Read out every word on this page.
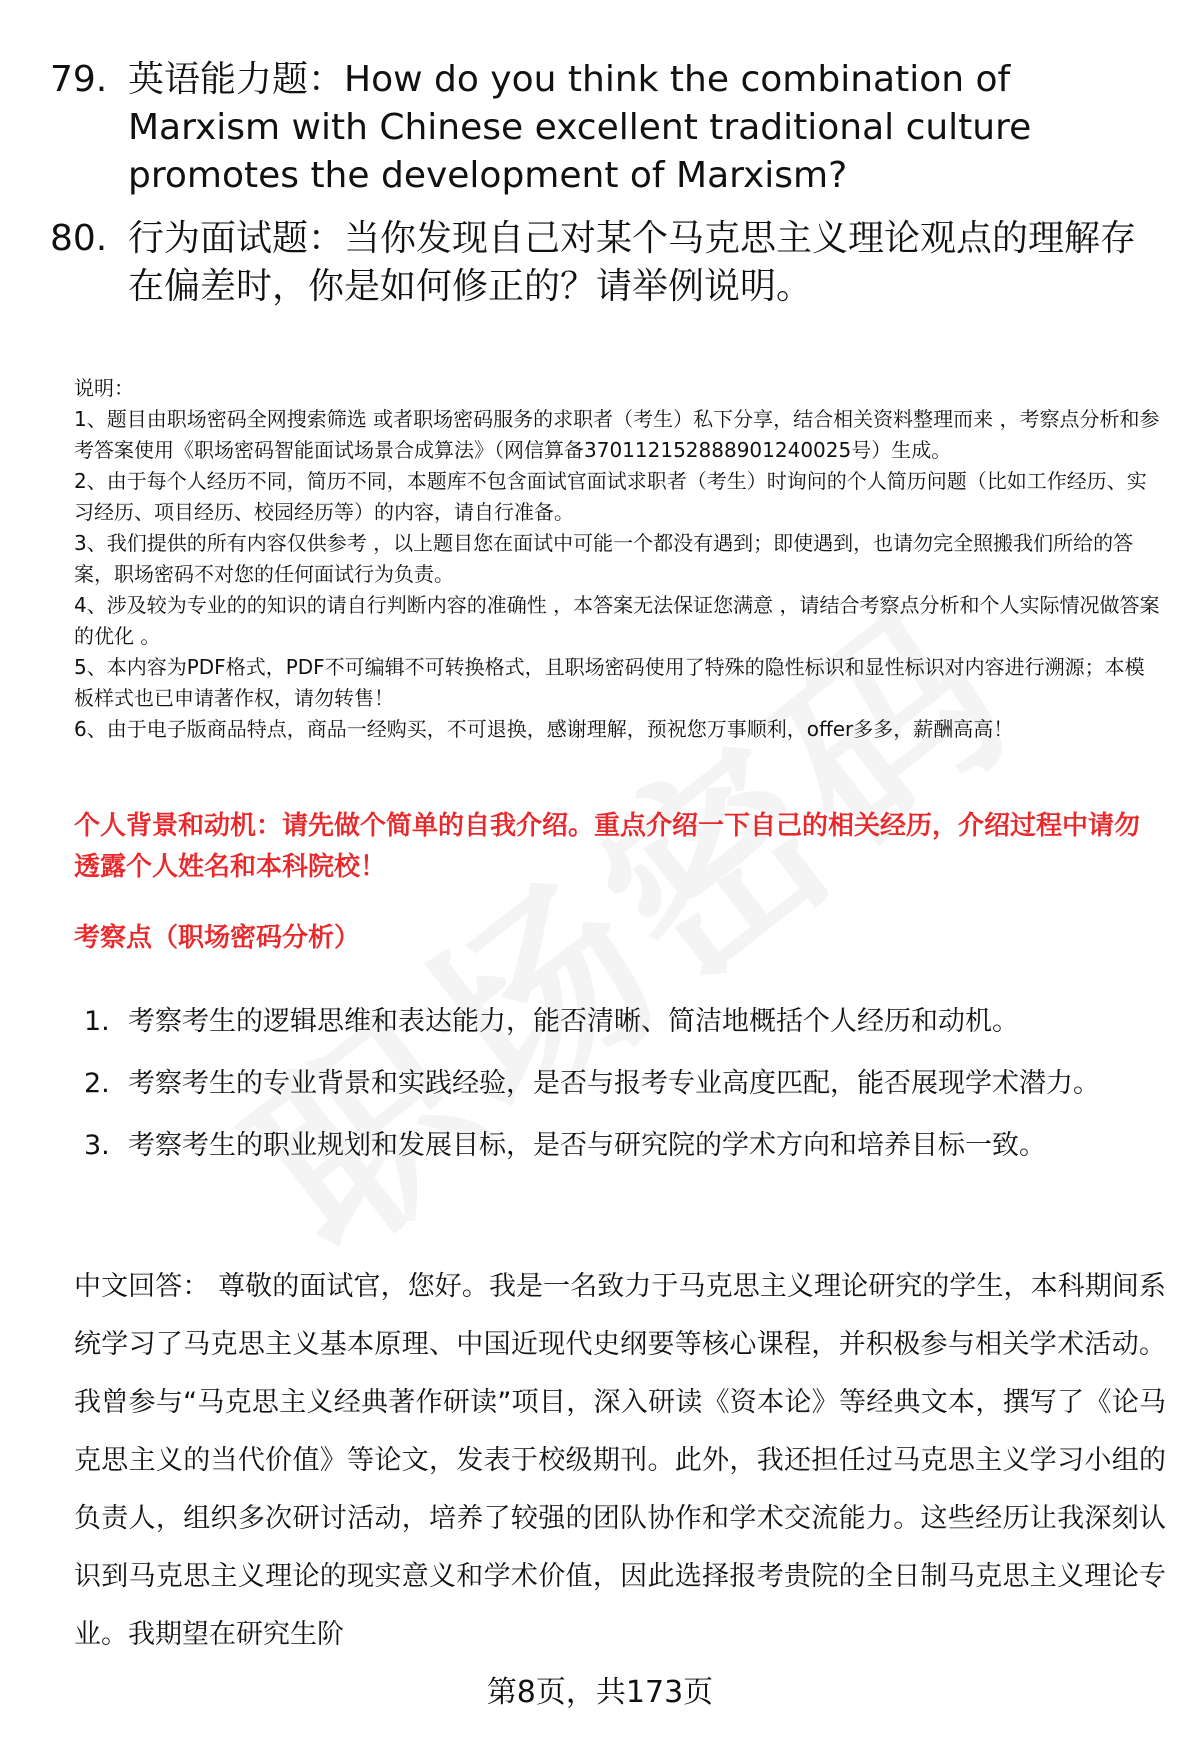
79. 英语能力题：How do you think the combination of Marxism with Chinese excellent traditional culture promotes the development of Marxism?
80. 行为面试题：当你发现自己对某个马克思主义理论观点的理解存在偏差时，你是如何修正的？请举例说明。

说明：

1、题目由职场密码全网搜索筛选 或者职场密码服务的求职者（考生）私下分享，结合相关资料整理而来 ，考察点分析和参考答案使用《职场密码智能面试场景合成算法》（网信算备370112152888901240025号）生成。

2、由于每个人经历不同，简历不同，本题库不包含面试官面试求职者（考生）时询问的个人简历问题（比如工作经历、实习经历、项目经历、校园经历等）的内容，请自行准备。

3、我们提供的所有内容仅供参考 ，以上题目您在面试中可能一个都没有遇到；即使遇到，也请勿完全照搬我们所给的答案，职场密码不对您的任何面试行为负责。

4、涉及较为专业的的知识的请自行判断内容的准确性 ，本答案无法保证您满意 ，请结合考察点分析和个人实际情况做答案的优化 。

5、本内容为PDF格式，PDF不可编辑不可转换格式，且职场密码使用了特殊的隐性标识和显性标识对内容进行溯源；本模板样式也已申请著作权，请勿转售！

6、由于电子版商品特点，商品一经购买，不可退换，感谢理解，预祝您万事顺利，offer多多，薪酬高高！

个人背景和动机：请先做个简单的自我介绍。重点介绍一下自己的相关经历，介绍过程中请勿透露个人姓名和本科院校！
考察点（职场密码分析）
1. 考察考生的逻辑思维和表达能力，能否清晰、简洁地概括个人经历和动机。
2. 考察考生的专业背景和实践经验，是否与报考专业高度匹配，能否展现学术潜力。
3. 考察考生的职业规划和发展目标，是否与研究院的学术方向和培养目标一致。
中文回答： 尊敬的面试官，您好。我是一名致力于马克思主义理论研究的学生，本科期间系统学习了马克思主义基本原理、中国近现代史纲要等核心课程，并积极参与相关学术活动。我曾参与“马克思主义经典著作研读”项目，深入研读《资本论》等经典文本，撰写了《论马克思主义的当代价值》等论文，发表于校级期刊。此外，我还担任过马克思主义学习小组的负责人，组织多次研讨活动，培养了较强的团队协作和学术交流能力。这些经历让我深刻认识到马克思主义理论的现实意义和学术价值，因此选择报考贵院的全日制马克思主义理论专业。我期望在研究生阶
第8页，共173页
